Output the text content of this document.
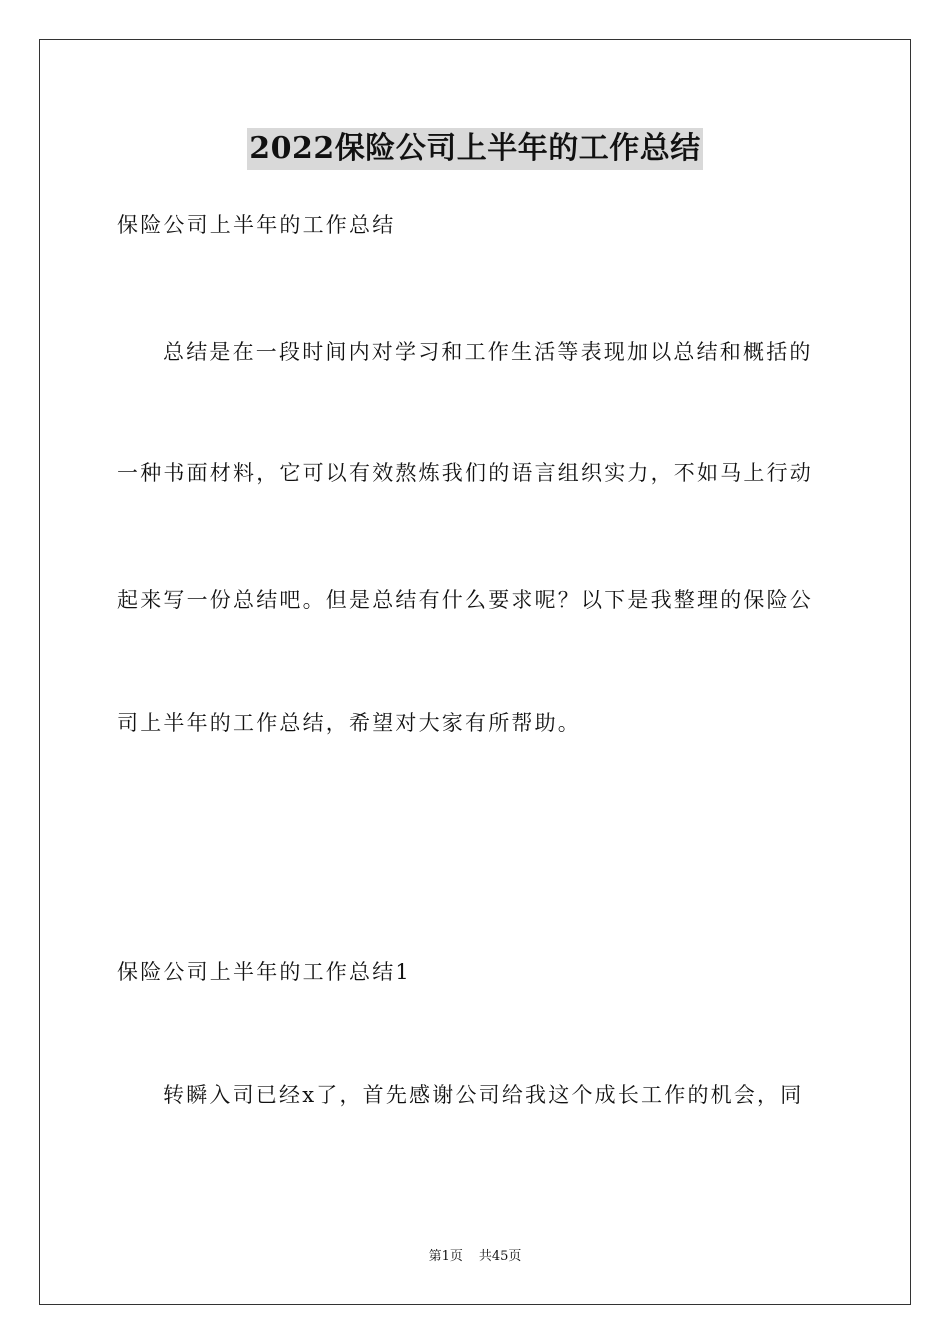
2022保险公司上半年的工作总结
保险公司上半年的工作总结
总结是在一段时间内对学习和工作生活等表现加以总结和概括的
一种书面材料，它可以有效熬炼我们的语言组织实力，不如马上行动
起来写一份总结吧。但是总结有什么要求呢？以下是我整理的保险公
司上半年的工作总结，希望对大家有所帮助。
保险公司上半年的工作总结1
转瞬入司已经x了，首先感谢公司给我这个成长工作的机会，同
第1页 共45页
